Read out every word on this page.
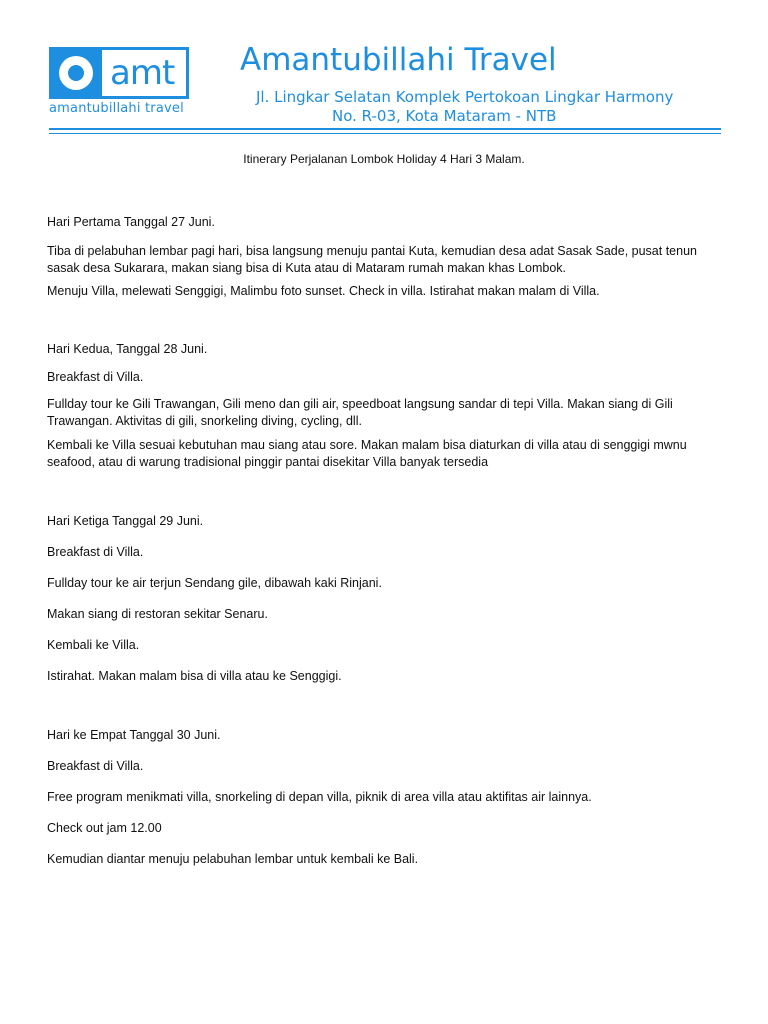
amt
amantubillahi travel
Amantubillahi Travel
Jl. Lingkar Selatan Komplek Pertokoan Lingkar Harmony
No. R-03, Kota Mataram - NTB
Itinerary Perjalanan Lombok Holiday 4 Hari 3 Malam.

Hari Pertama Tanggal 27 Juni.

Tiba di pelabuhan lembar pagi hari, bisa langsung menuju pantai Kuta, kemudian desa adat Sasak Sade, pusat tenun sasak desa Sukarara, makan siang bisa di Kuta atau di Mataram rumah makan khas Lombok.

Menuju Villa, melewati Senggigi, Malimbu foto sunset. Check in villa. Istirahat makan malam di Villa.

Hari Kedua, Tanggal 28 Juni.

Breakfast di Villa.

Fullday tour ke Gili Trawangan, Gili meno dan gili air, speedboat langsung sandar di tepi Villa. Makan siang di Gili Trawangan. Aktivitas di gili, snorkeling diving, cycling, dll.

Kembali ke Villa sesuai kebutuhan mau siang atau sore. Makan malam bisa diaturkan di villa atau di senggigi mwnu seafood, atau di warung tradisional pinggir pantai disekitar Villa banyak tersedia

Hari Ketiga Tanggal 29 Juni.

Breakfast di Villa.

Fullday tour ke air terjun Sendang gile, dibawah kaki Rinjani.

Makan siang di restoran sekitar Senaru.

Kembali ke Villa.

Istirahat. Makan malam bisa di villa atau ke Senggigi.

Hari ke Empat Tanggal 30 Juni.

Breakfast di Villa.

Free program menikmati villa, snorkeling di depan villa, piknik di area villa atau aktifitas air lainnya.

Check out jam 12.00

Kemudian diantar menuju pelabuhan lembar untuk kembali ke Bali.
